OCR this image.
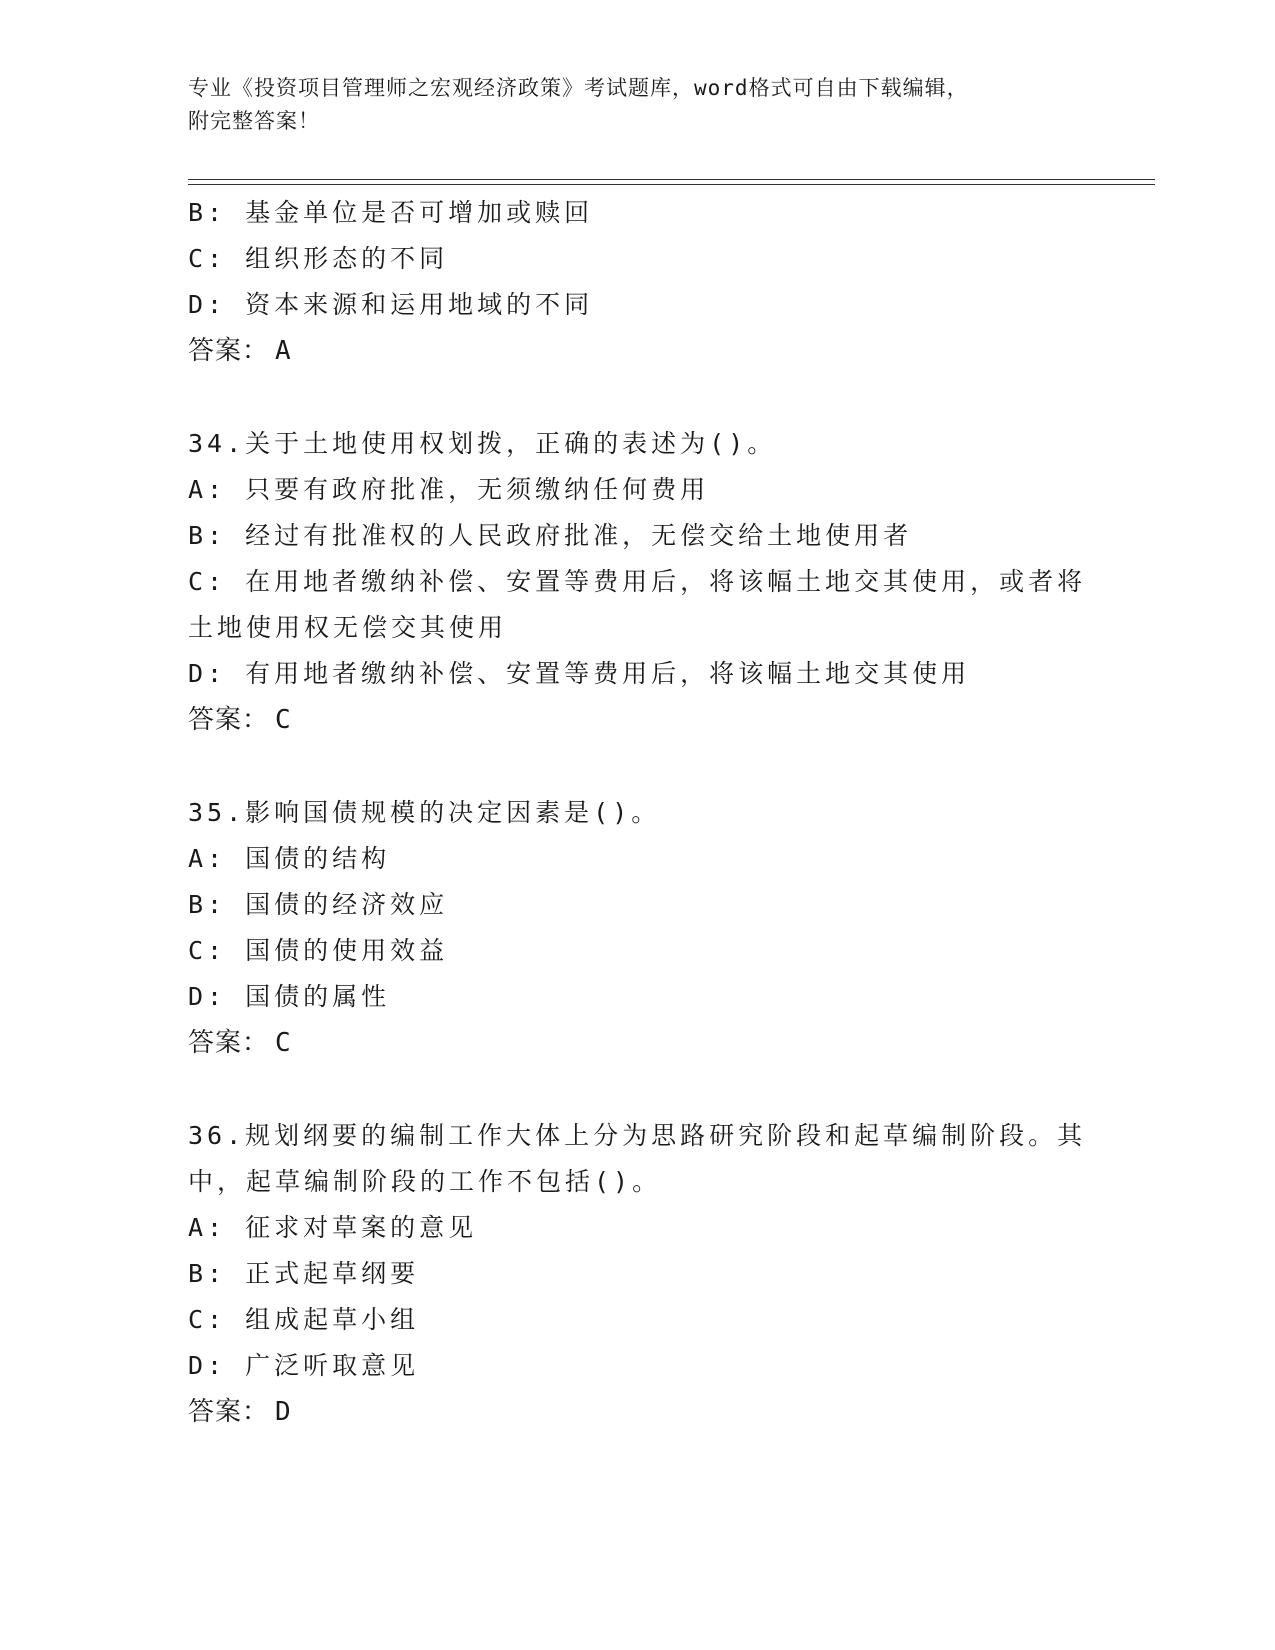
专业《投资项目管理师之宏观经济政策》考试题库，word格式可自由下载编辑，
附完整答案！
B: 基金单位是否可增加或赎回
C: 组织形态的不同
D: 资本来源和运用地域的不同
答案： A
34.关于土地使用权划拨，正确的表述为()。
A: 只要有政府批准，无须缴纳任何费用
B: 经过有批准权的人民政府批准，无偿交给土地使用者
C: 在用地者缴纳补偿、安置等费用后，将该幅土地交其使用，或者将
土地使用权无偿交其使用
D: 有用地者缴纳补偿、安置等费用后，将该幅土地交其使用
答案： C
35.影响国债规模的决定因素是()。
A: 国债的结构
B: 国债的经济效应
C: 国债的使用效益
D: 国债的属性
答案： C
36.规划纲要的编制工作大体上分为思路研究阶段和起草编制阶段。其
中，起草编制阶段的工作不包括()。
A: 征求对草案的意见
B: 正式起草纲要
C: 组成起草小组
D: 广泛听取意见
答案： D
